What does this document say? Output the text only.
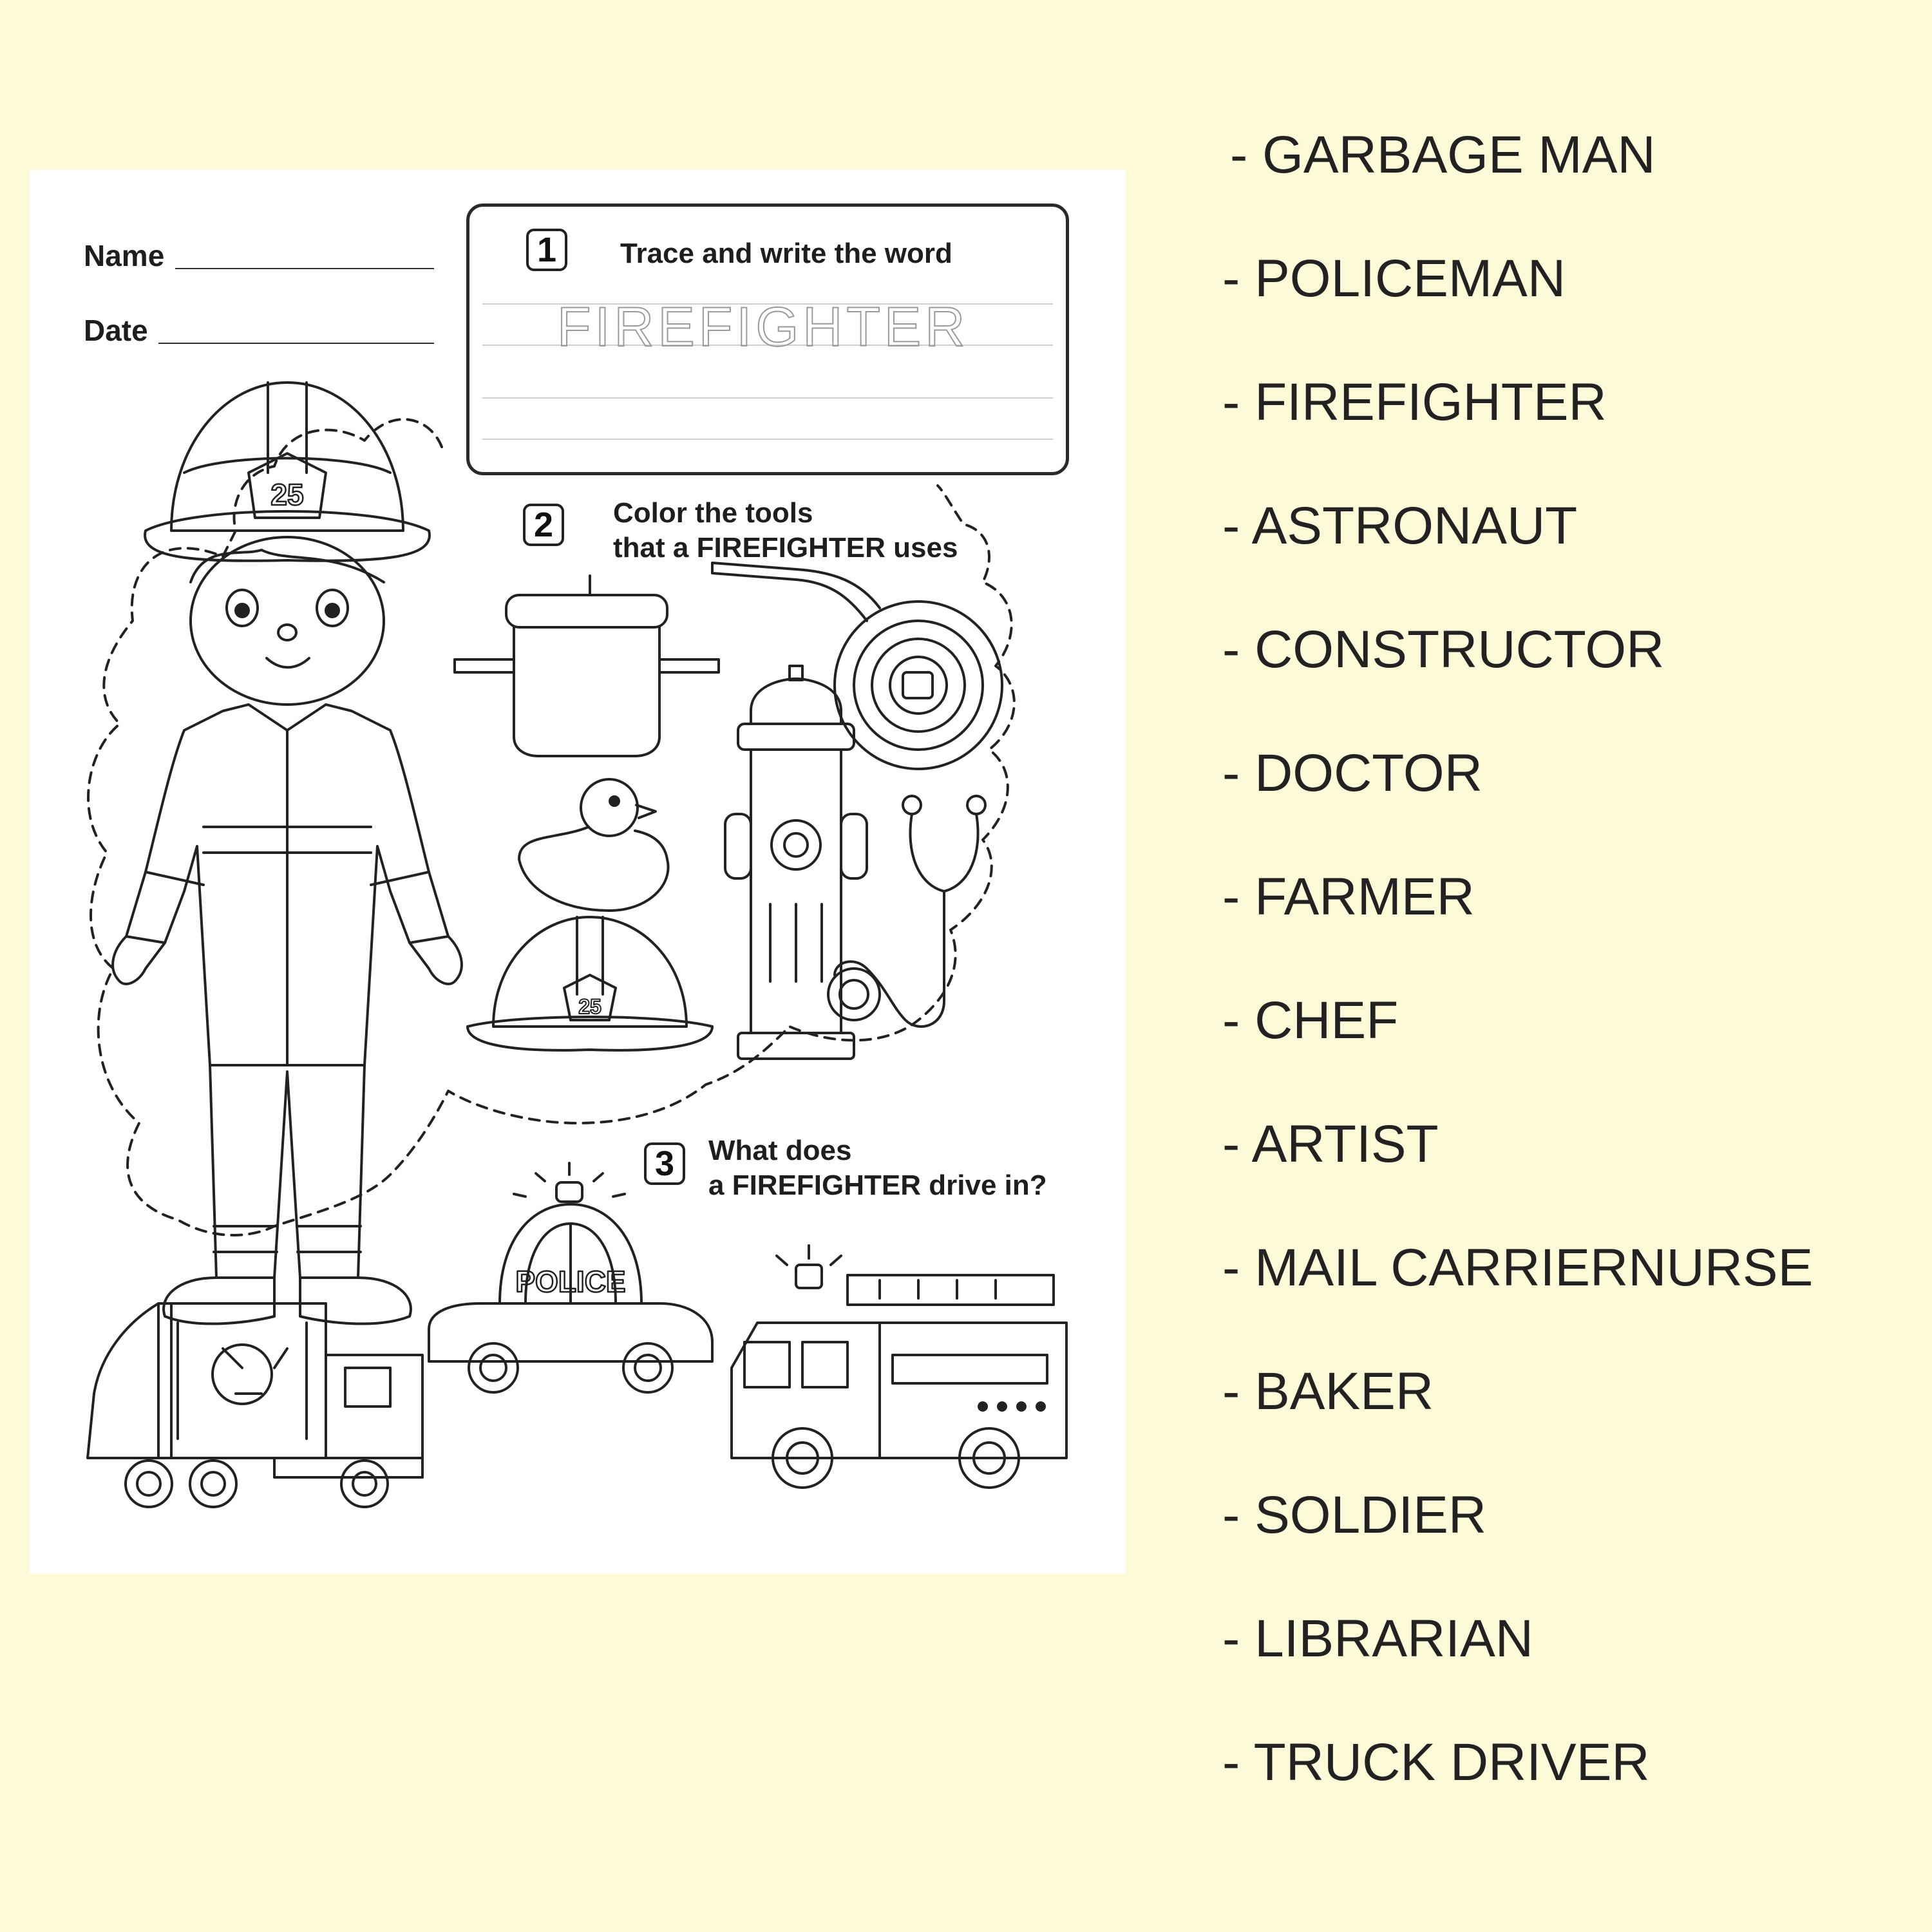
Name
Date
1	Trace and write the word
FIREFIGHTER
2	Color the tools
that a FIREFIGHTER uses
3	What does
a FIREFIGHTER drive in?
25
25
POLICE
- GARBAGE MAN
- POLICEMAN
- FIREFIGHTER
- ASTRONAUT
- CONSTRUCTOR
- DOCTOR
- FARMER
- CHEF
- ARTIST
- MAIL CARRIERNURSE
- BAKER
- SOLDIER
- LIBRARIAN
- TRUCK DRIVER
